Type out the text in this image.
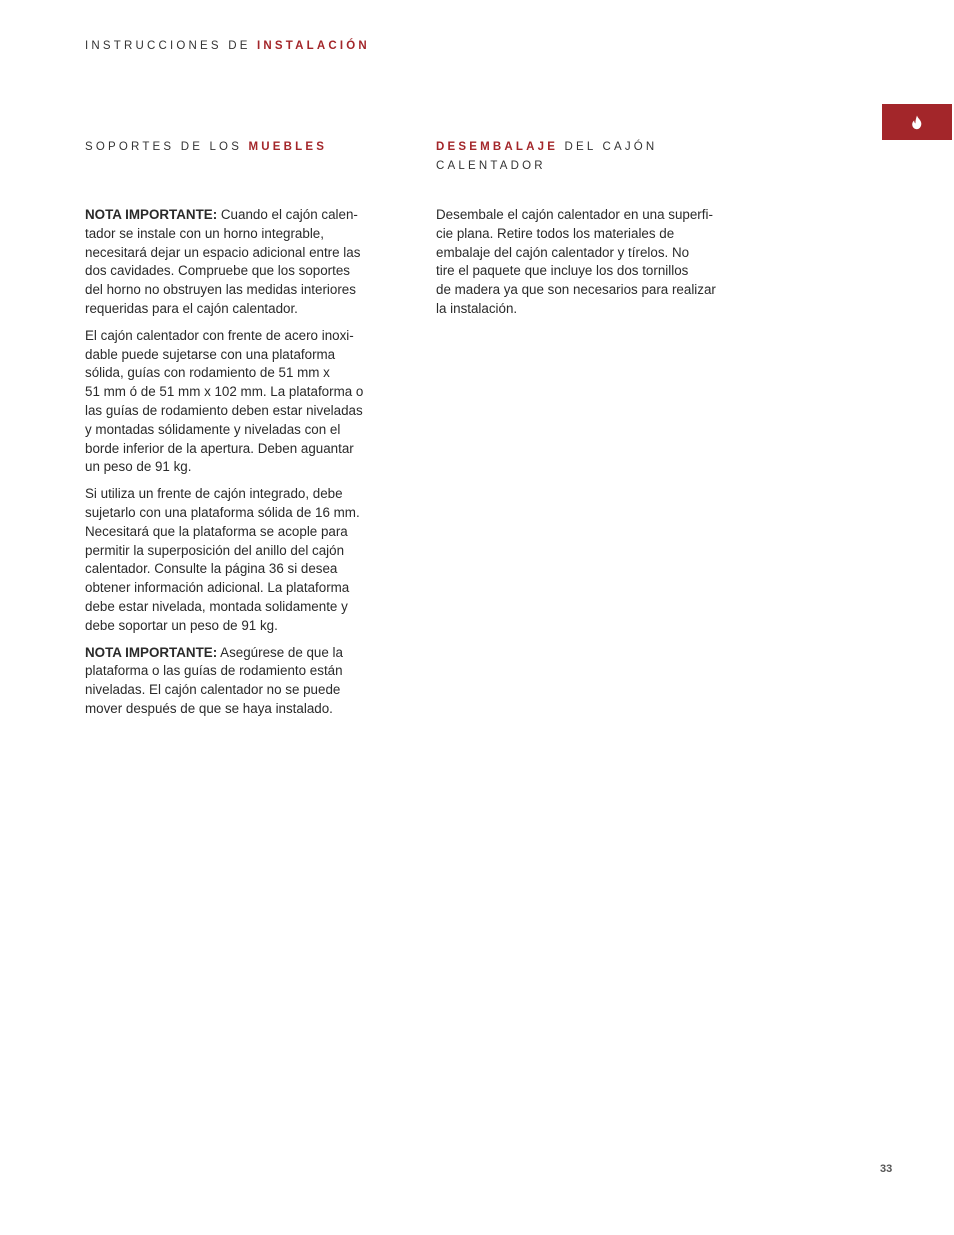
INSTRUCCIONES DE INSTALACIÓN
SOPORTES DE LOS MUEBLES

NOTA IMPORTANTE: Cuando el cajón calen-
tador se instale con un horno integrable,
necesitará dejar un espacio adicional entre las
dos cavidades. Compruebe que los soportes
del horno no obstruyen las medidas interiores
requeridas para el cajón calentador.

El cajón calentador con frente de acero inoxi-
dable puede sujetarse con una plataforma
sólida, guías con rodamiento de 51 mm x
51 mm ó de 51 mm x 102 mm. La plataforma o
las guías de rodamiento deben estar niveladas
y montadas sólidamente y niveladas con el
borde inferior de la apertura. Deben aguantar
un peso de 91 kg.

Si utiliza un frente de cajón integrado, debe
sujetarlo con una plataforma sólida de 16 mm.
Necesitará que la plataforma se acople para
permitir la superposición del anillo del cajón
calentador. Consulte la página 36 si desea
obtener información adicional. La plataforma
debe estar nivelada, montada solidamente y
debe soportar un peso de 91 kg.

NOTA IMPORTANTE: Asegúrese de que la
plataforma o las guías de rodamiento están
niveladas. El cajón calentador no se puede
mover después de que se haya instalado.

DESEMBALAJE DEL CAJÓN
CALENTADOR

Desembale el cajón calentador en una superfi-
cie plana. Retire todos los materiales de
embalaje del cajón calentador y tírelos. No
tire el paquete que incluye los dos tornillos
de madera ya que son necesarios para realizar
la instalación.

33
